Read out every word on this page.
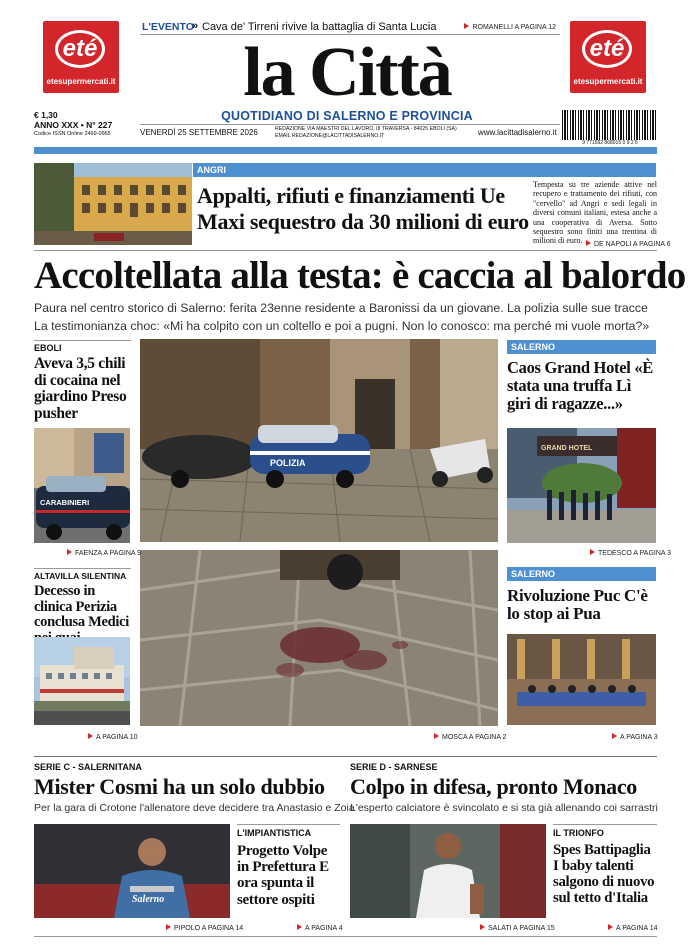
L'EVENTO
» Cava de' Tirreni rivive la battaglia di Santa Lucia	ROMANELLI A PAGINA 12
eté
etesupermercati.it
eté
etesupermercati.it
la Città
QUOTIDIANO DI SALERNO E PROVINCIA
€ 1,30
ANNO XXX • N° 227
Codice ISSN Online 2499-0965	VENERDÌ 25 SETTEMBRE 2026	REDAZIONE VIA MAESTRI DEL LAVORO, III TRAVERSA - 84025 EBOLI (SA)
EMAIL REDAZIONE@LACITTADISALERNO.IT	www.lacittadisalerno.it
9 771592 868015 0 9 2 5
ANGRI
Appalti, rifiuti e finanziamenti Ue
Maxi sequestro da 30 milioni di euro
Tempesta su tre aziende attive nel recupero e trattamento dei rifiuti, con "cervello" ad Angri e sedi legali in diversi comuni italiani, estesa anche a una cooperativa di Aversa. Sotto sequestro sono finiti una trentina di milioni di euro.	DE NAPOLI A PAGINA 6
Accoltellata alla testa: è caccia al balordo
Paura nel centro storico di Salerno: ferita 23enne residente a Baronissi da un giovane. La polizia sulle sue tracce
La testimonianza choc: «Mi ha colpito con un coltello e poi a pugni. Non lo conosco: ma perché mi vuole morta?»
POLIZIA
MOSCA A PAGINA 2
EBOLI
Aveva 3,5 chili di cocaina nel giardino Preso pusher
CARABINIERI
FAENZA A PAGINA 9
ALTAVILLA SILENTINA
Decesso in clinica Perizia conclusa Medici
A PAGINA 10
SALERNO
Caos Grand Hotel «È stata una truffa Lì giri di ragazze...»
GRAND HOTEL
TEDESCO A PAGINA 3
SALERNO
Rivoluzione Puc C'è lo stop ai Pua
A PAGINA 3
SERIE C - SALERNITANA
Mister Cosmi ha un solo dubbio
Per la gara di Crotone l'allenatore deve decidere tra Anastasio e Zoia
Salerno
PIPOLO A PAGINA 14
L'IMPIANTISTICA
Progetto Volpe in Prefettura E ora spunta il settore ospiti
A PAGINA 4
SERIE D - SARNESE
Colpo in difesa, pronto Monaco
L'esperto calciatore è svincolato e si sta già allenando coi sarrastri
SALATI A PAGINA 15
IL TRIONFO
Spes Battipaglia I baby talenti salgono di nuovo sul tetto d'Italia
A PAGINA 14
